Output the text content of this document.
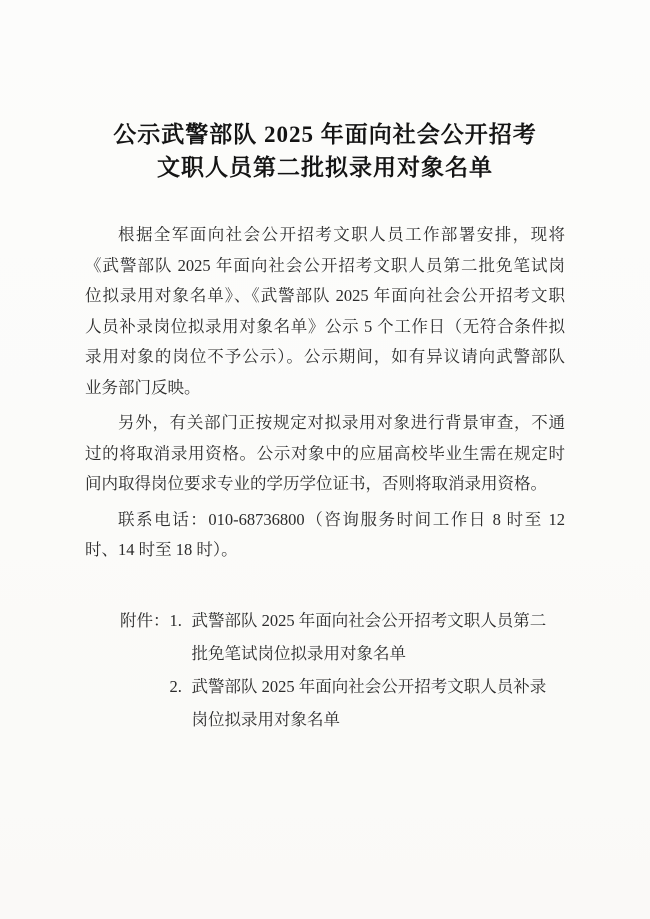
公示武警部队 2025 年面向社会公开招考
文职人员第二批拟录用对象名单
根据全军面向社会公开招考文职人员工作部署安排，现将
《武警部队 2025 年面向社会公开招考文职人员第二批免笔试岗
位拟录用对象名单》、《武警部队 2025 年面向社会公开招考文职
人员补录岗位拟录用对象名单》公示 5 个工作日（无符合条件拟
录用对象的岗位不予公示）。公示期间，如有异议请向武警部队
业务部门反映。
另外，有关部门正按规定对拟录用对象进行背景审查，不通
过的将取消录用资格。公示对象中的应届高校毕业生需在规定时
间内取得岗位要求专业的学历学位证书，否则将取消录用资格。
联系电话：010-68736800（咨询服务时间工作日 8 时至 12
时、14 时至 18 时）。
附件： 1. 武警部队 2025 年面向社会公开招考文职人员第二
批免笔试岗位拟录用对象名单
2. 武警部队 2025 年面向社会公开招考文职人员补录
岗位拟录用对象名单
